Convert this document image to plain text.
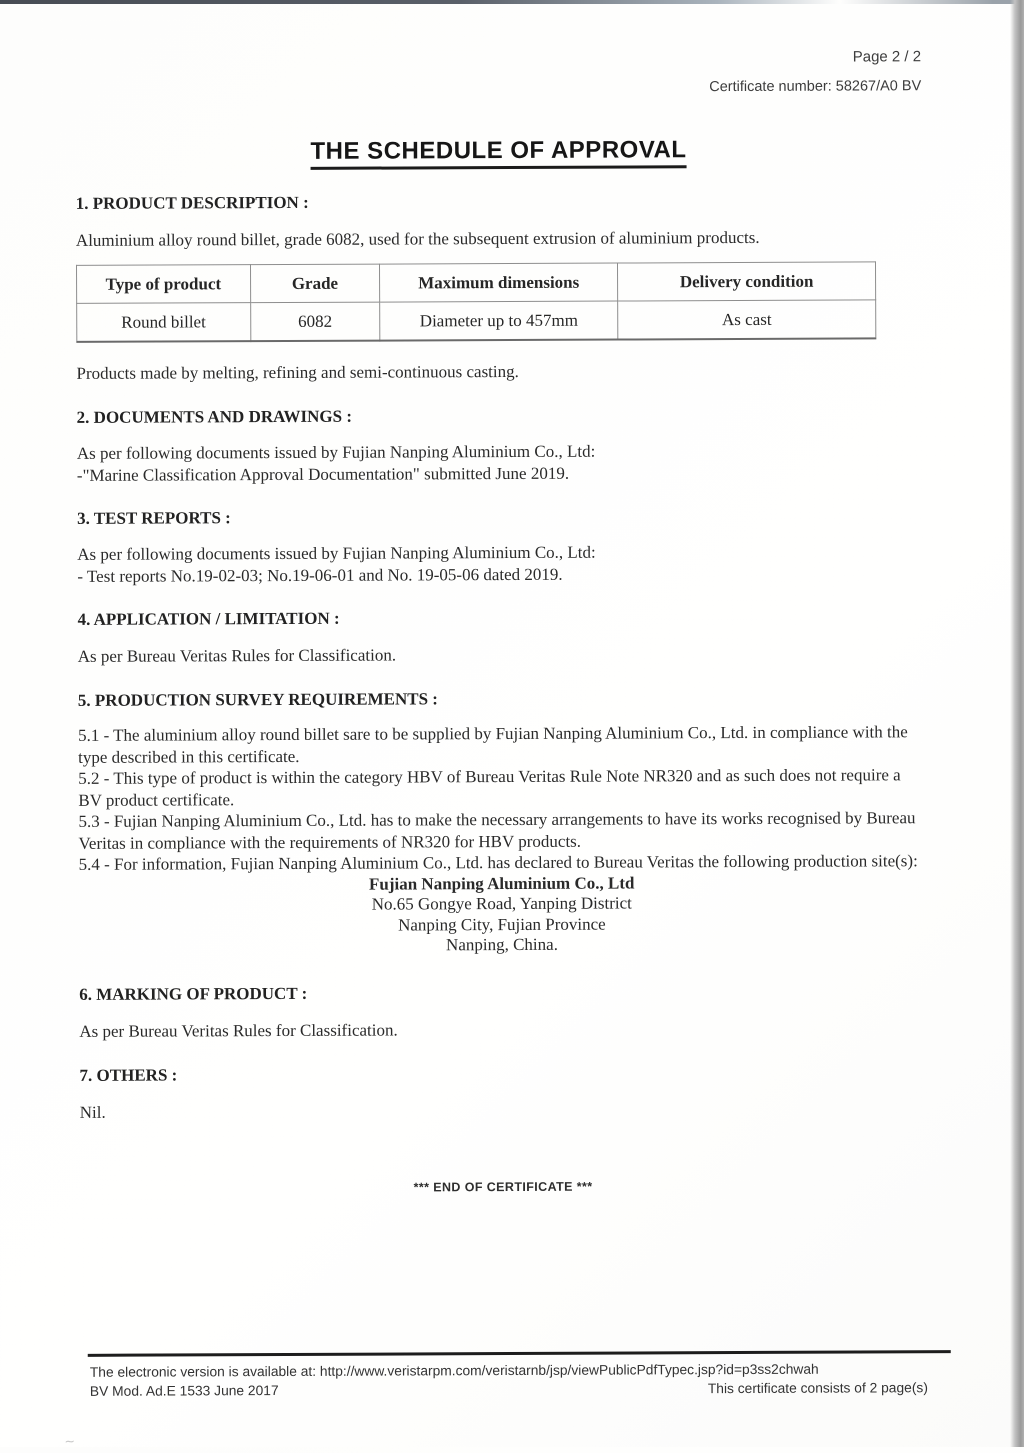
Page 2 / 2
Certificate number: 58267/A0 BV
THE SCHEDULE OF APPROVAL

1. PRODUCT DESCRIPTION :

Aluminium alloy round billet, grade 6082, used for the subsequent extrusion of aluminium products.

Type of product	Grade	Maximum dimensions	Delivery condition
Round billet	6082	Diameter up to 457mm	As cast

Products made by melting, refining and semi-continuous casting.

2. DOCUMENTS AND DRAWINGS :

As per following documents issued by Fujian Nanping Aluminium Co., Ltd:

-"Marine Classification Approval Documentation" submitted June 2019.

3. TEST REPORTS :

As per following documents issued by Fujian Nanping Aluminium Co., Ltd:

- Test reports No.19-02-03; No.19-06-01 and No. 19-05-06 dated 2019.

4. APPLICATION / LIMITATION :

As per Bureau Veritas Rules for Classification.

5. PRODUCTION SURVEY REQUIREMENTS :

5.1 - The aluminium alloy round billet sare to be supplied by Fujian Nanping Aluminium Co., Ltd. in compliance with the type described in this certificate.

5.2 - This type of product is within the category HBV of Bureau Veritas Rule Note NR320 and as such does not require a BV product certificate.

5.3 - Fujian Nanping Aluminium Co., Ltd. has to make the necessary arrangements to have its works recognised by Bureau Veritas in compliance with the requirements of NR320 for HBV products.

5.4 - For information, Fujian Nanping Aluminium Co., Ltd. has declared to Bureau Veritas the following production site(s):

Fujian Nanping Aluminium Co., Ltd
No.65 Gongye Road, Yanping District
Nanping City, Fujian Province
Nanping, China.

6. MARKING OF PRODUCT :

As per Bureau Veritas Rules for Classification.

7. OTHERS :

Nil.

*** END OF CERTIFICATE ***
The electronic version is available at: http://www.veristarpm.com/veristarnb/jsp/viewPublicPdfTypec.jsp?id=p3ss2chwah
BV Mod. Ad.E 1533 June 2017	This certificate consists of 2 page(s)
~
